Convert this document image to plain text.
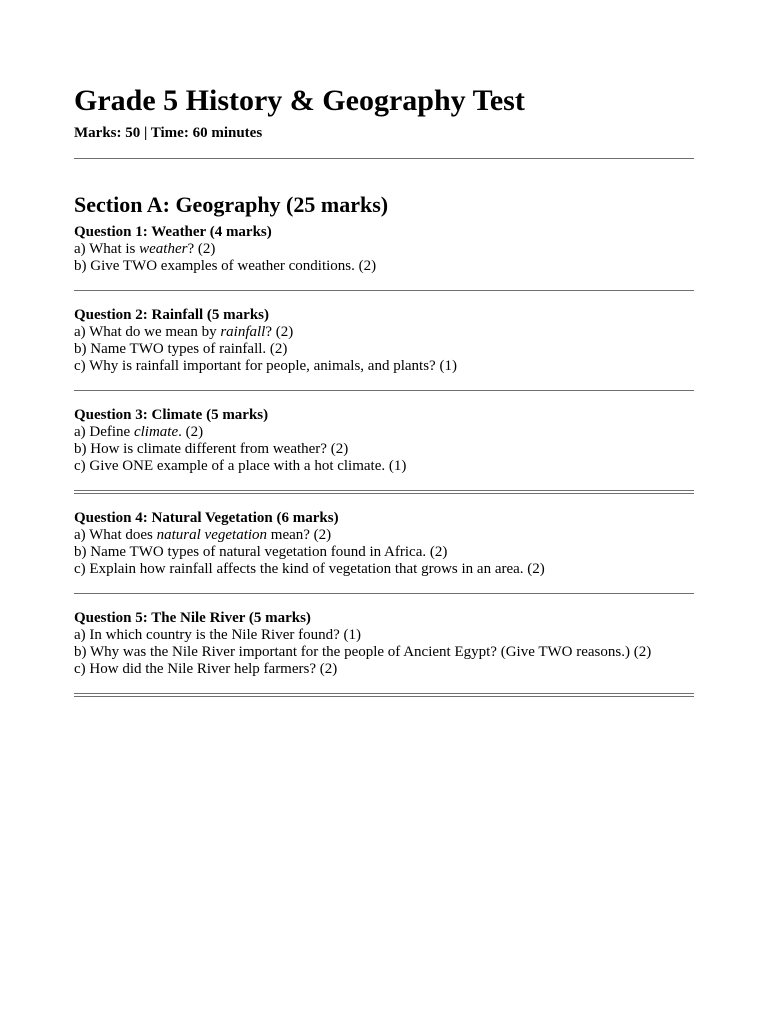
Grade 5 History & Geography Test
Marks: 50 | Time: 60 minutes
Section A: Geography (25 marks)
Question 1: Weather (4 marks)
a) What is weather? (2)
b) Give TWO examples of weather conditions. (2)
Question 2: Rainfall (5 marks)
a) What do we mean by rainfall? (2)
b) Name TWO types of rainfall. (2)
c) Why is rainfall important for people, animals, and plants? (1)
Question 3: Climate (5 marks)
a) Define climate. (2)
b) How is climate different from weather? (2)
c) Give ONE example of a place with a hot climate. (1)
Question 4: Natural Vegetation (6 marks)
a) What does natural vegetation mean? (2)
b) Name TWO types of natural vegetation found in Africa. (2)
c) Explain how rainfall affects the kind of vegetation that grows in an area. (2)
Question 5: The Nile River (5 marks)
a) In which country is the Nile River found? (1)
b) Why was the Nile River important for the people of Ancient Egypt? (Give TWO reasons.) (2)
c) How did the Nile River help farmers? (2)
